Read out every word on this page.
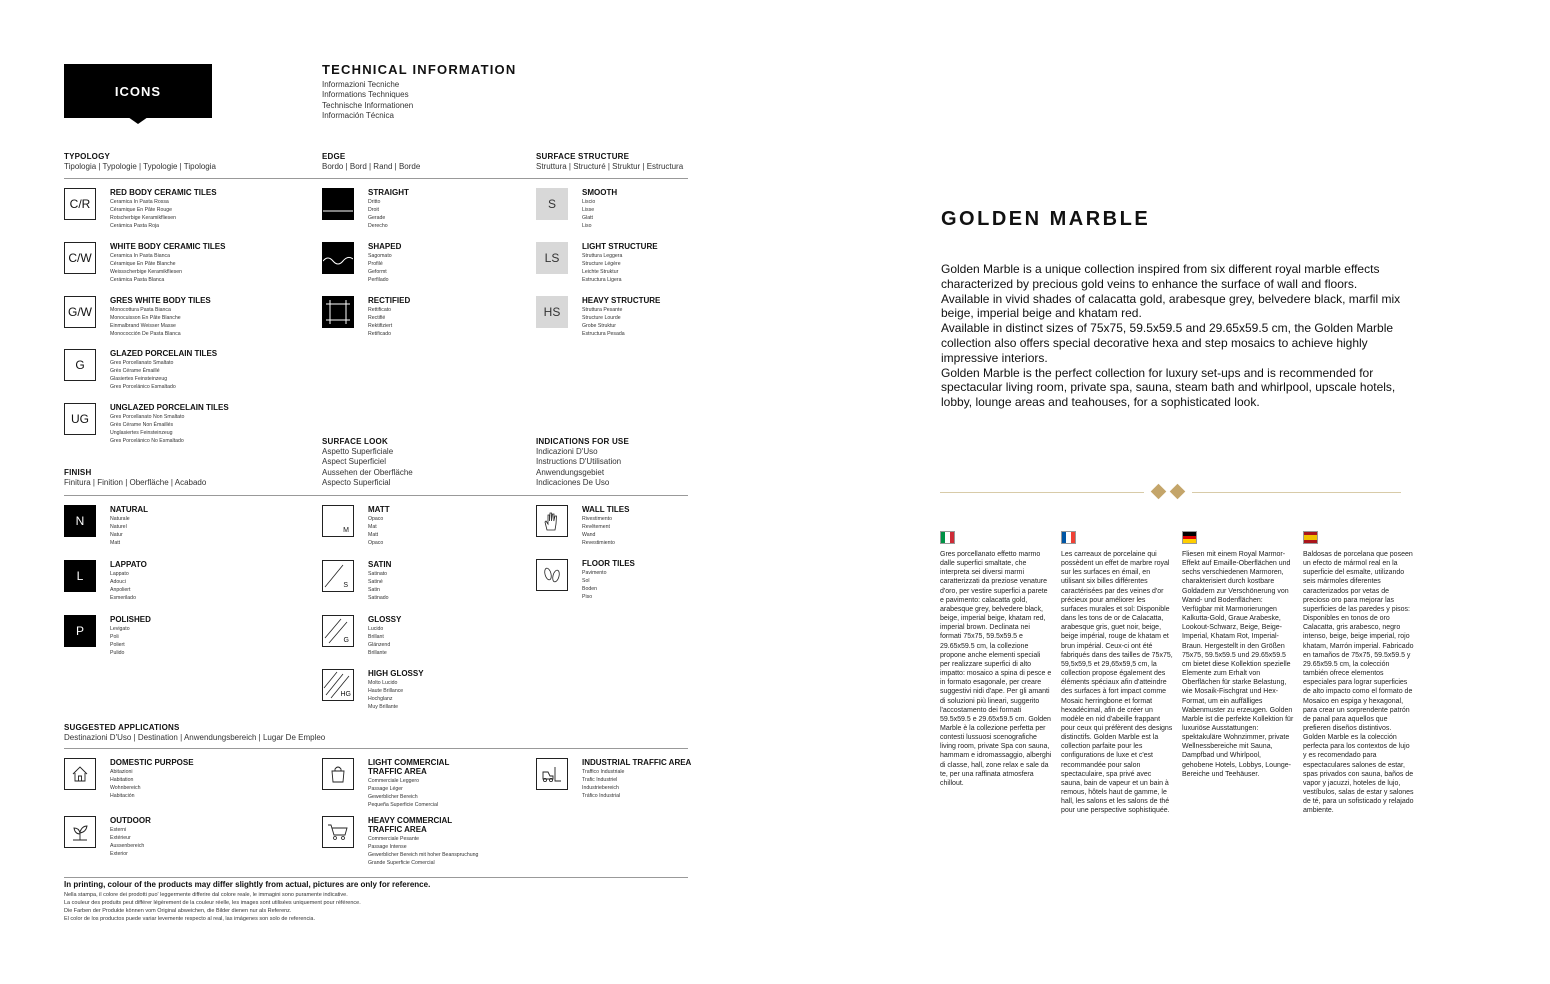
ICONS
TECHNICAL INFORMATION
Informazioni Tecniche
Informations Techniques
Technische Informationen
Información Técnica
TYPOLOGY
Tipologia | Typologie | Typologie | Tipologia
EDGE
Bordo | Bord | Rand | Borde
SURFACE STRUCTURE
Struttura | Structuré | Struktur | Estructura
C/R
RED BODY CERAMIC TILES
Ceramica In Pasta Rossa
Céramique En Pâte Rouge
Rotscherbige Keramikfliesen
Cerámica Pasta Roja
C/W
WHITE BODY CERAMIC TILES
Ceramica In Pasta Bianca
Céramique En Pâte Blanche
Weissscherbige Keramikfliesen
Cerámica Pasta Blanca
G/W
GRES WHITE BODY TILES
Monocottura Pasta Bianca
Monocuisson En Pâte Blanche
Einmalbrand Weisser Masse
Monococción De Pasta Blanca
G
GLAZED PORCELAIN TILES
Gres Porcellanato Smaltato
Grès Cérame Émaillé
Glasiertes Feinsteinzeug
Gres Porcelánico Esmaltado
UG
UNGLAZED PORCELAIN TILES
Gres Porcellanato Non Smaltato
Grès Cérame Non Émaillés
Unglasiertes Feinsteinzeug
Gres Porcelánico No Esmaltado
STRAIGHT
Dritto
Droit
Gerade
Derecho
SHAPED
Sagomato
Profilé
Geformt
Perfilado
RECTIFIED
Rettificato
Rectifié
Rektifiziert
Retificado
S
SMOOTH
Liscio
Lisse
Glatt
Liso
LS
LIGHT STRUCTURE
Struttura Leggera
Structure Légère
Leichte Struktur
Estructura Ligera
HS
HEAVY STRUCTURE
Struttura Pesante
Structure Lourde
Grobe Struktur
Estructura Pesada
SURFACE LOOK
Aspetto Superficiale
Aspect Superficiel
Aussehen der Oberfläche
Aspecto Superficial
INDICATIONS FOR USE
Indicazioni D'Uso
Instructions D'Utilisation
Anwendungsgebiet
Indicaciones De Uso
FINISH
Finitura | Finition | Oberfläche | Acabado
N
NATURAL
Naturale
Naturel
Natur
Matt
L
LAPPATO
Lappato
Adouci
Anpoliert
Esmerilado
P
POLISHED
Levigato
Poli
Poliert
Pulido
M
MATT
Opaco
Mat
Matt
Opaco
S
SATIN
Satinato
Satiné
Satin
Satinado
G
GLOSSY
Lucido
Brillant
Glänzend
Brillante
HG
HIGH GLOSSY
Molto Lucido
Haute Brillance
Hochglanz
Muy Brillante
WALL TILES
Rivestimento
Revêtement
Wand
Revestimiento
FLOOR TILES
Pavimento
Sol
Boden
Piso
SUGGESTED APPLICATIONS
Destinazioni D'Uso | Destination | Anwendungsbereich | Lugar De Empleo
DOMESTIC PURPOSE
Abitazioni
Habitation
Wohnbereich
Habitación
LIGHT COMMERCIAL TRAFFIC AREA
Commerciale Leggero
Passage Léger
Gewerblicher Bereich
Pequeña Superficie Comercial
INDUSTRIAL TRAFFIC AREA
Traffico Industriale
Trafic Industriel
Industriebereich
Tráfico Industrial
OUTDOOR
Esterni
Extérieur
Aussenbereich
Exterior
HEAVY COMMERCIAL TRAFFIC AREA
Commerciale Pesante
Passage Intense
Gewerblicher Bereich mit hoher Beanspruchung
Grande Superficie Comercial
In printing, colour of the products may differ slightly from actual, pictures are only for reference.
Nella stampa, il colore dei prodotti puo' leggermente differire dal colore reale, le immagini sono puramente indicative.
La couleur des produits peut différer légèrement de la couleur réelle, les images sont utilisées uniquement pour référence.
Die Farben der Produkte können vom Original abweichen, die Bilder dienen nur als Referenz.
El color de los productos puede variar levemente respecto al real, las imágenes son solo de referencia.
GOLDEN MARBLE

Golden Marble is a unique collection inspired from six different royal marble effects characterized by precious gold veins to enhance the surface of wall and floors.

Available in vivid shades of calacatta gold, arabesque grey, belvedere black, marfil mix beige, imperial beige and khatam red.

Available in distinct sizes of 75x75, 59.5x59.5 and 29.65x59.5 cm, the Golden Marble collection also offers special decorative hexa and step mosaics to achieve highly impressive interiors.

Golden Marble is the perfect collection for luxury set-ups and is recommended for spectacular living room, private spa, sauna, steam bath and whirlpool, upscale hotels, lobby, lounge areas and teahouses, for a sophisticated look.

Gres porcellanato effetto marmo dalle superfici smaltate, che interpreta sei diversi marmi caratterizzati da preziose venature d'oro, per vestire superfici a parete e pavimento: calacatta gold, arabesque grey, belvedere black, beige, imperial beige, khatam red, imperial brown. Declinata nei formati 75x75, 59.5x59.5 e 29.65x59.5 cm, la collezione propone anche elementi speciali per realizzare superfici di alto impatto: mosaico a spina di pesce e in formato esagonale, per creare suggestivi nidi d'ape. Per gli amanti di soluzioni più lineari, suggerito l'accostamento dei formati 59.5x59.5 e 29.65x59.5 cm. Golden Marble è la collezione perfetta per contesti lussuosi scenografiche living room, private Spa con sauna, hammam e idromassaggio, alberghi di classe, hall, zone relax e sale da te, per una raffinata atmosfera chillout.
Les carreaux de porcelaine qui possèdent un effet de marbre royal sur les surfaces en émail, en utilisant six billes différentes caractérisées par des veines d'or précieux pour améliorer les surfaces murales et sol: Disponible dans les tons de or de Calacatta, arabesque gris, guet noir, beige, beige impérial, rouge de khatam et brun impérial. Ceux-ci ont été fabriqués dans des tailles de 75x75, 59,5x59,5 et 29,65x59,5 cm, la collection propose également des éléments spéciaux afin d'atteindre des surfaces à fort impact comme Mosaic herringbone et format hexadécimal, afin de créer un modèle en nid d'abeille frappant pour ceux qui préfèrent des designs distinctifs. Golden Marble est la collection parfaite pour les configurations de luxe et c'est recommandée pour salon spectaculaire, spa privé avec sauna, bain de vapeur et un bain à remous, hôtels haut de gamme, le hall, les salons et les salons de thé pour une perspective sophistiquée.
Fliesen mit einem Royal Marmor-Effekt auf Emaille-Oberflächen und sechs verschiedenen Marmoren, charakterisiert durch kostbare Goldadern zur Verschönerung von Wand- und Bodenflächen: Verfügbar mit Marmorierungen Kalkutta-Gold, Graue Arabeske, Lookout-Schwarz, Beige, Beige-Imperial, Khatam Rot, Imperial-Braun. Hergestellt in den Größen 75x75, 59.5x59.5 und 29.65x59.5 cm bietet diese Kollektion spezielle Elemente zum Erhalt von Oberflächen für starke Belastung, wie Mosaik-Fischgrat und Hex-Format, um ein auffälliges Wabenmuster zu erzeugen. Golden Marble ist die perfekte Kollektion für luxuriöse Ausstattungen: spektakuläre Wohnzimmer, private Wellnessbereiche mit Sauna, Dampfbad und Whirlpool, gehobene Hotels, Lobbys, Lounge-Bereiche und Teehäuser.
Baldosas de porcelana que poseen un efecto de mármol real en la superficie del esmalte, utilizando seis mármoles diferentes caracterizados por vetas de precioso oro para mejorar las superficies de las paredes y pisos: Disponibles en tonos de oro Calacatta, gris arabesco, negro intenso, beige, beige imperial, rojo khatam, Marrón imperial. Fabricado en tamaños de 75x75, 59.5x59.5 y 29.65x59.5 cm, la colección también ofrece elementos especiales para lograr superficies de alto impacto como el formato de Mosaico en espiga y hexagonal, para crear un sorprendente patrón de panal para aquellos que prefieren diseños distintivos. Golden Marble es la colección perfecta para los contextos de lujo y es recomendado para espectaculares salones de estar, spas privados con sauna, baños de vapor y jacuzzi, hoteles de lujo, vestíbulos, salas de estar y salones de té, para un sofisticado y relajado ambiente.
